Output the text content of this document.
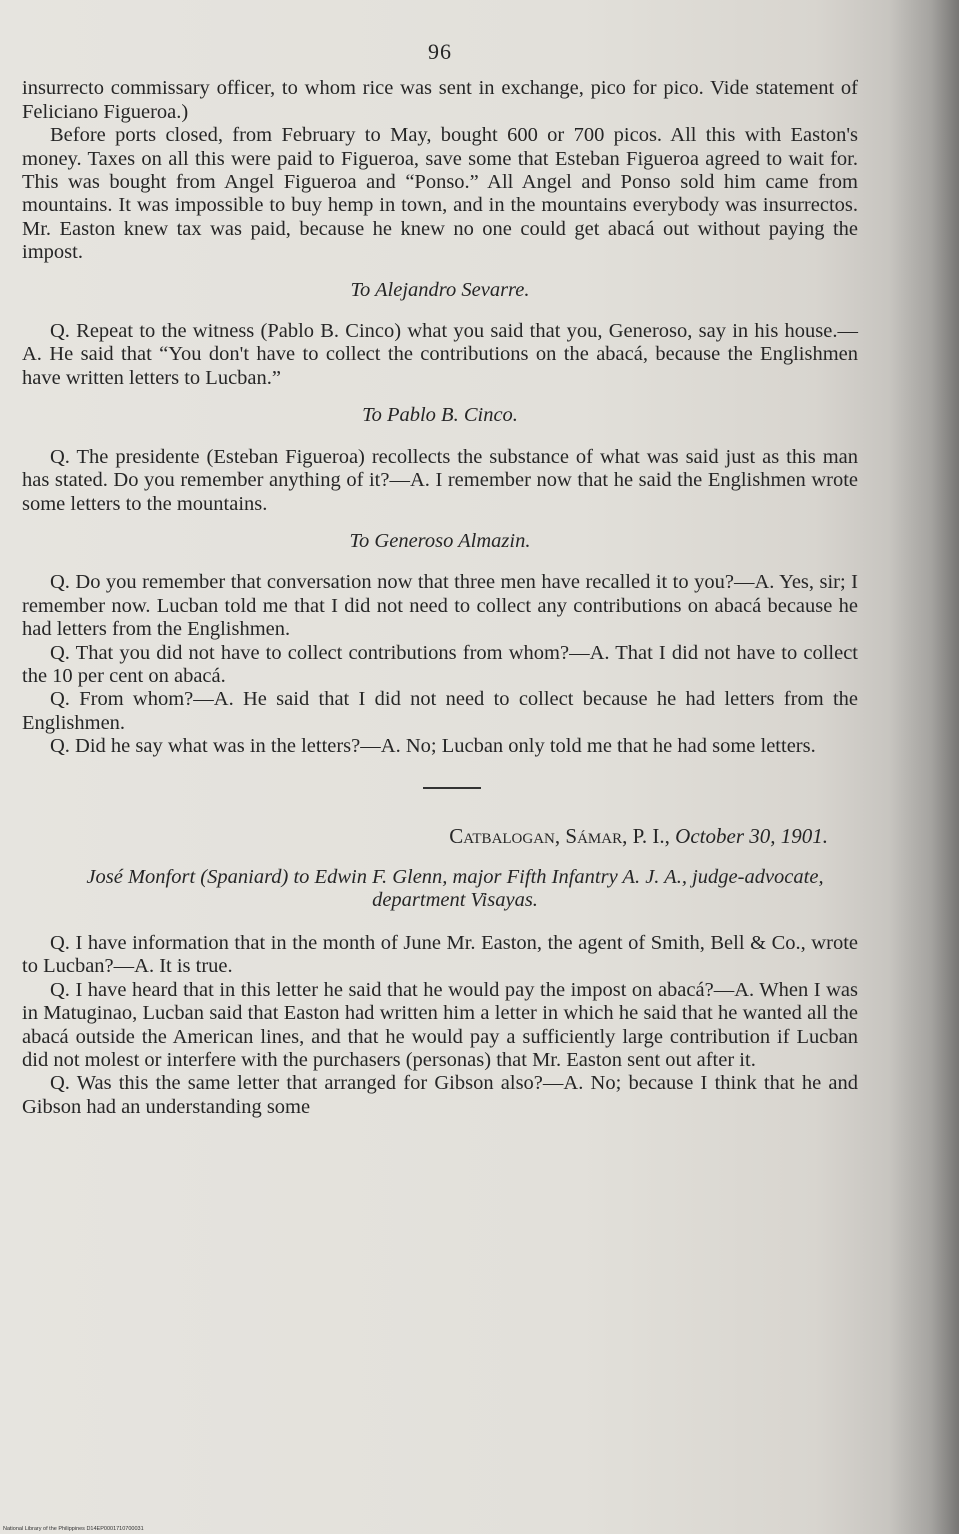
96

insurrecto commissary officer, to whom rice was sent in exchange, pico for pico. Vide statement of Feliciano Figueroa.)

Before ports closed, from February to May, bought 600 or 700 picos. All this with Easton's money. Taxes on all this were paid to Figueroa, save some that Esteban Figueroa agreed to wait for. This was bought from Angel Figueroa and “Ponso.” All Angel and Ponso sold him came from mountains. It was impossible to buy hemp in town, and in the mountains everybody was insurrectos. Mr. Easton knew tax was paid, because he knew no one could get abacá out without paying the impost.

To Alejandro Sevarre.

Q. Repeat to the witness (Pablo B. Cinco) what you said that you, Generoso, say in his house.—A. He said that “You don't have to collect the contributions on the abacá, because the Englishmen have written letters to Lucban.”

To Pablo B. Cinco.

Q. The presidente (Esteban Figueroa) recollects the substance of what was said just as this man has stated. Do you remember anything of it?—A. I remember now that he said the Englishmen wrote some letters to the mountains.

To Generoso Almazin.

Q. Do you remember that conversation now that three men have recalled it to you?—A. Yes, sir; I remember now. Lucban told me that I did not need to collect any contributions on abacá because he had letters from the Englishmen.

Q. That you did not have to collect contributions from whom?—A. That I did not have to collect the 10 per cent on abacá.

Q. From whom?—A. He said that I did not need to collect because he had letters from the Englishmen.

Q. Did he say what was in the letters?—A. No; Lucban only told me that he had some letters.

Catbalogan, Sámar, P. I., October 30, 1901.

José Monfort (Spaniard) to Edwin F. Glenn, major Fifth Infantry A. J. A., judge-advocate, department Visayas.

Q. I have information that in the month of June Mr. Easton, the agent of Smith, Bell & Co., wrote to Lucban?—A. It is true.

Q. I have heard that in this letter he said that he would pay the impost on abacá?—A. When I was in Matuginao, Lucban said that Easton had written him a letter in which he said that he wanted all the abacá outside the American lines, and that he would pay a sufficiently large contribution if Lucban did not molest or interfere with the purchasers (personas) that Mr. Easton sent out after it.

Q. Was this the same letter that arranged for Gibson also?—A. No; because I think that he and Gibson had an understanding some

National Library of the Philippines D14EP0001710700031
